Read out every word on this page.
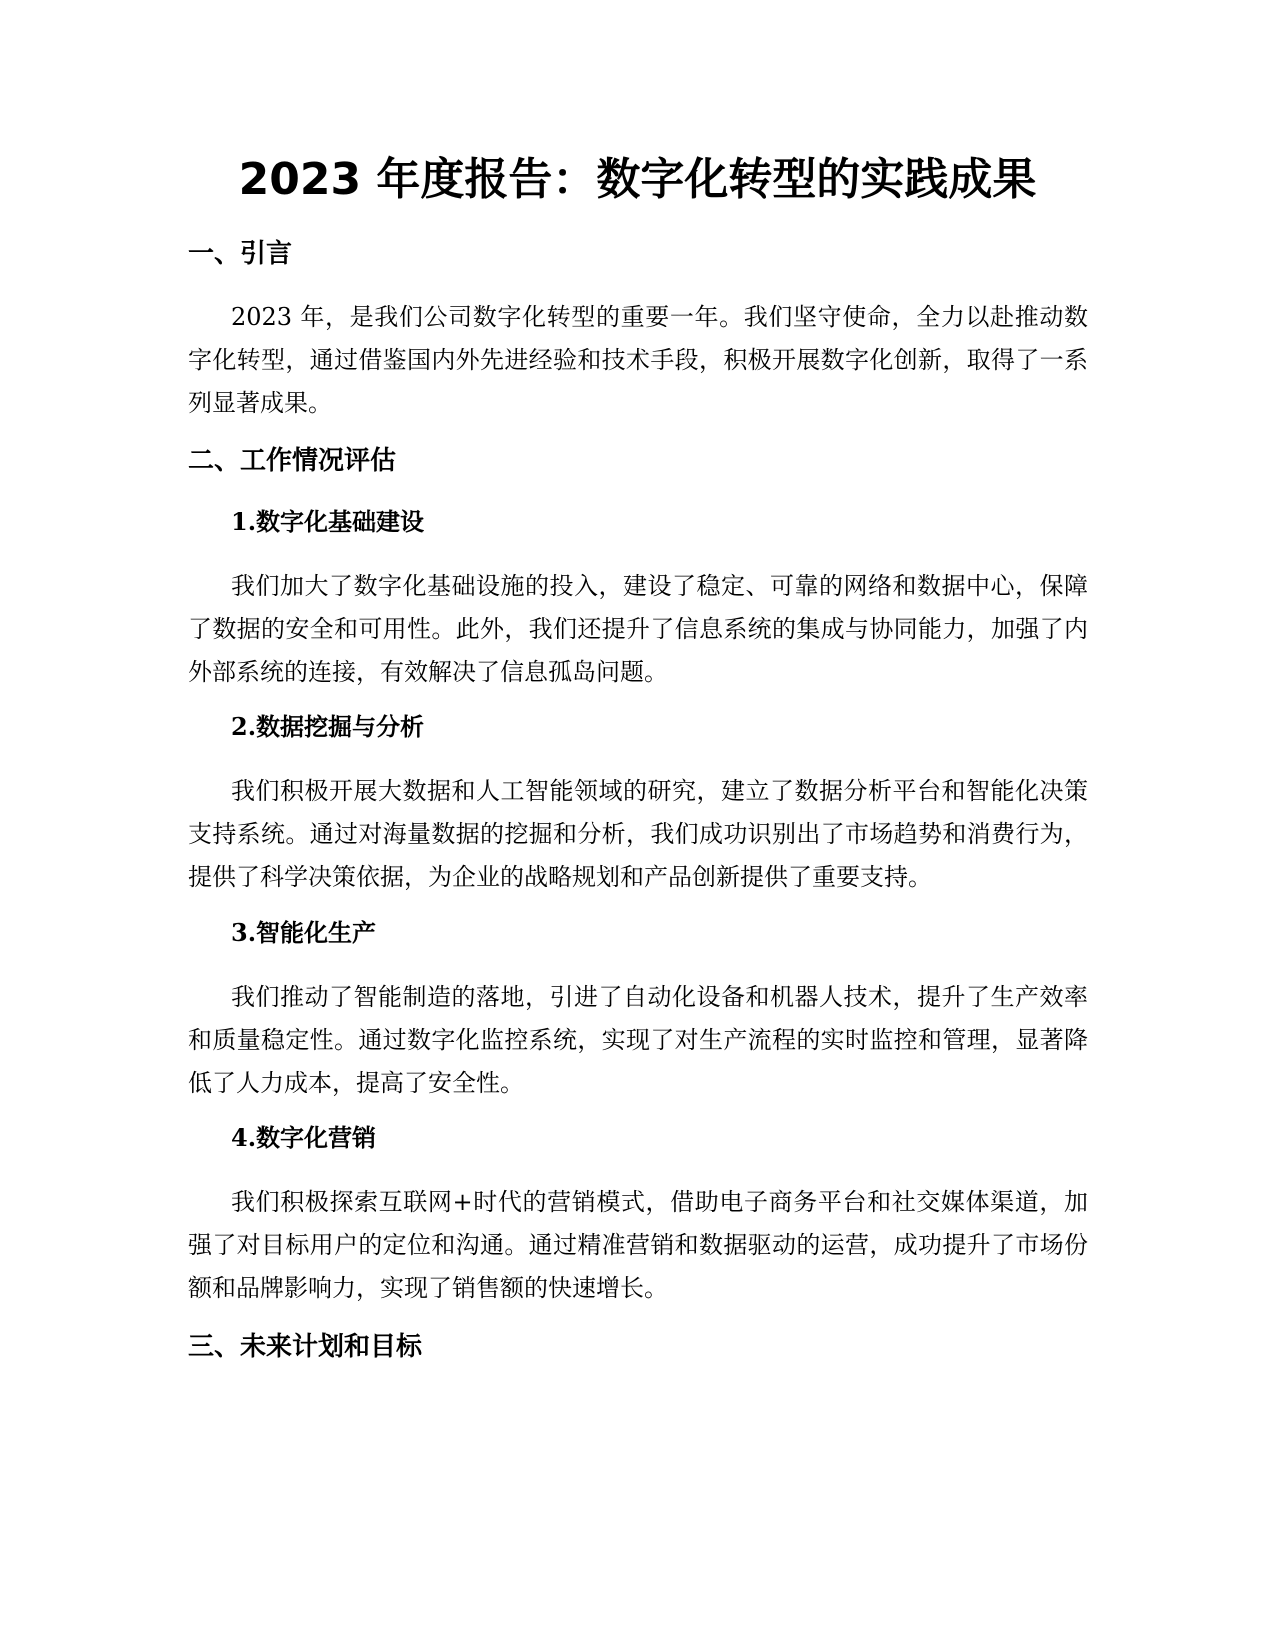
2023 年度报告：数字化转型的实践成果
一、引言

2023 年，是我们公司数字化转型的重要一年。我们坚守使命，全力以赴推动数字化转型，通过借鉴国内外先进经验和技术手段，积极开展数字化创新，取得了一系列显著成果。

二、工作情况评估
1.数字化基础建设

我们加大了数字化基础设施的投入，建设了稳定、可靠的网络和数据中心，保障了数据的安全和可用性。此外，我们还提升了信息系统的集成与协同能力，加强了内外部系统的连接，有效解决了信息孤岛问题。

2.数据挖掘与分析

我们积极开展大数据和人工智能领域的研究，建立了数据分析平台和智能化决策支持系统。通过对海量数据的挖掘和分析，我们成功识别出了市场趋势和消费行为，提供了科学决策依据，为企业的战略规划和产品创新提供了重要支持。

3.智能化生产

我们推动了智能制造的落地，引进了自动化设备和机器人技术，提升了生产效率和质量稳定性。通过数字化监控系统，实现了对生产流程的实时监控和管理，显著降低了人力成本，提高了安全性。

4.数字化营销

我们积极探索互联网+时代的营销模式，借助电子商务平台和社交媒体渠道，加强了对目标用户的定位和沟通。通过精准营销和数据驱动的运营，成功提升了市场份额和品牌影响力，实现了销售额的快速增长。

三、未来计划和目标
